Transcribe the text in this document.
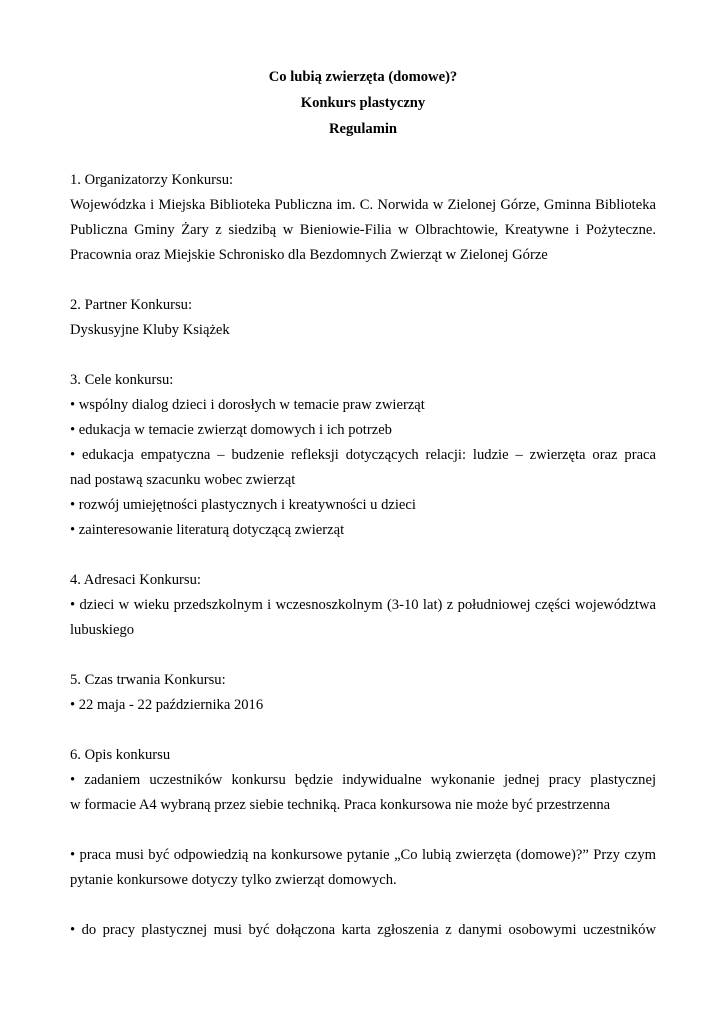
Co lubią zwierzęta (domowe)?
Konkurs plastyczny
Regulamin
1. Organizatorzy Konkursu:
Wojewódzka i Miejska Biblioteka Publiczna im. C. Norwida w Zielonej Górze, Gminna Biblioteka
Publiczna Gminy Żary z siedzibą w Bieniowie-Filia w Olbrachtowie, Kreatywne i Pożyteczne.
Pracownia oraz Miejskie Schronisko dla Bezdomnych Zwierząt w Zielonej Górze
2. Partner Konkursu:
Dyskusyjne Kluby Książek
3. Cele konkursu:
• wspólny dialog dzieci i dorosłych w temacie praw zwierząt
• edukacja w temacie zwierząt domowych i ich potrzeb
• edukacja empatyczna – budzenie refleksji dotyczących relacji: ludzie – zwierzęta oraz praca
nad postawą szacunku wobec zwierząt
• rozwój umiejętności plastycznych i kreatywności u dzieci
• zainteresowanie literaturą dotyczącą zwierząt
4. Adresaci Konkursu:
• dzieci w wieku przedszkolnym i wczesnoszkolnym (3-10 lat) z południowej części województwa
lubuskiego
5. Czas trwania Konkursu:
• 22 maja - 22 października 2016
6. Opis konkursu
• zadaniem uczestników konkursu będzie indywidualne wykonanie jednej pracy plastycznej
w formacie A4 wybraną przez siebie techniką. Praca konkursowa nie może być przestrzenna
• praca musi być odpowiedzią na konkursowe pytanie „Co lubią zwierzęta (domowe)?” Przy czym
pytanie konkursowe dotyczy tylko zwierząt domowych.
• do pracy plastycznej musi być dołączona karta zgłoszenia z danymi osobowymi uczestników
